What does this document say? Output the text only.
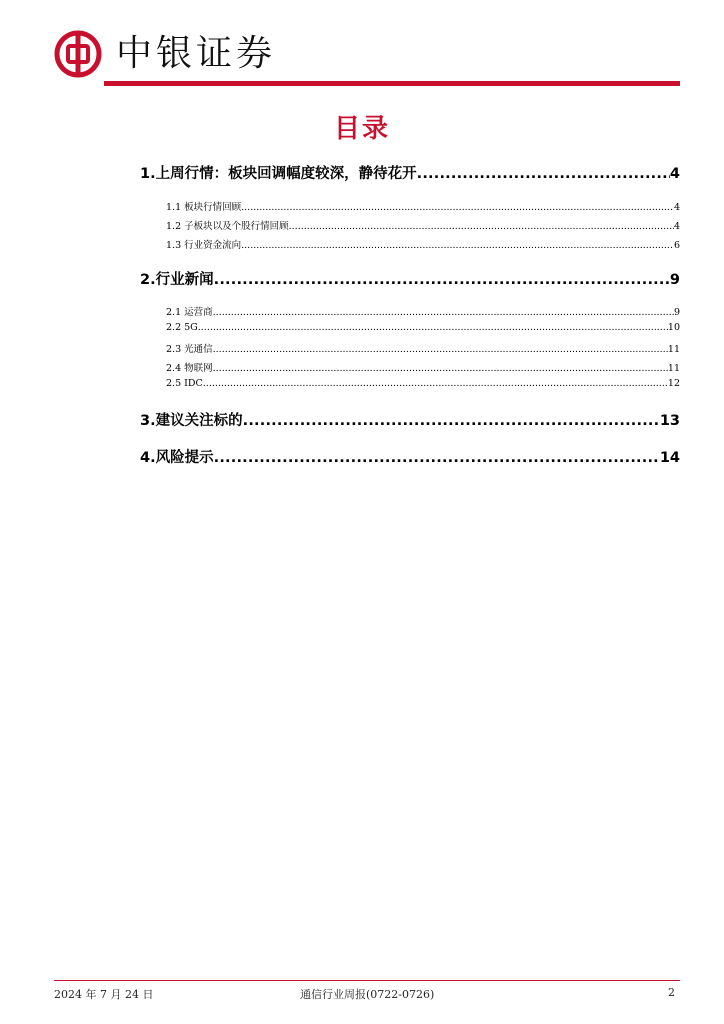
中银证券
目录
1.上周行情：板块回调幅度较深，静待花开 .....	4
1.1 板块行情回顾 .....	4
1.2 子板块以及个股行情回顾 .....	4
1.3 行业资金流向 .....	6
2.行业新闻 .....	9
2.1 运营商 .....	9
2.2 5G .....	10
2.3 光通信 .....	11
2.4 物联网 .....	11
2.5 IDC .....	12
3.建议关注标的 .....	13
4.风险提示 .....	14
2024 年 7 月 24 日	通信行业周报(0722-0726)	2
